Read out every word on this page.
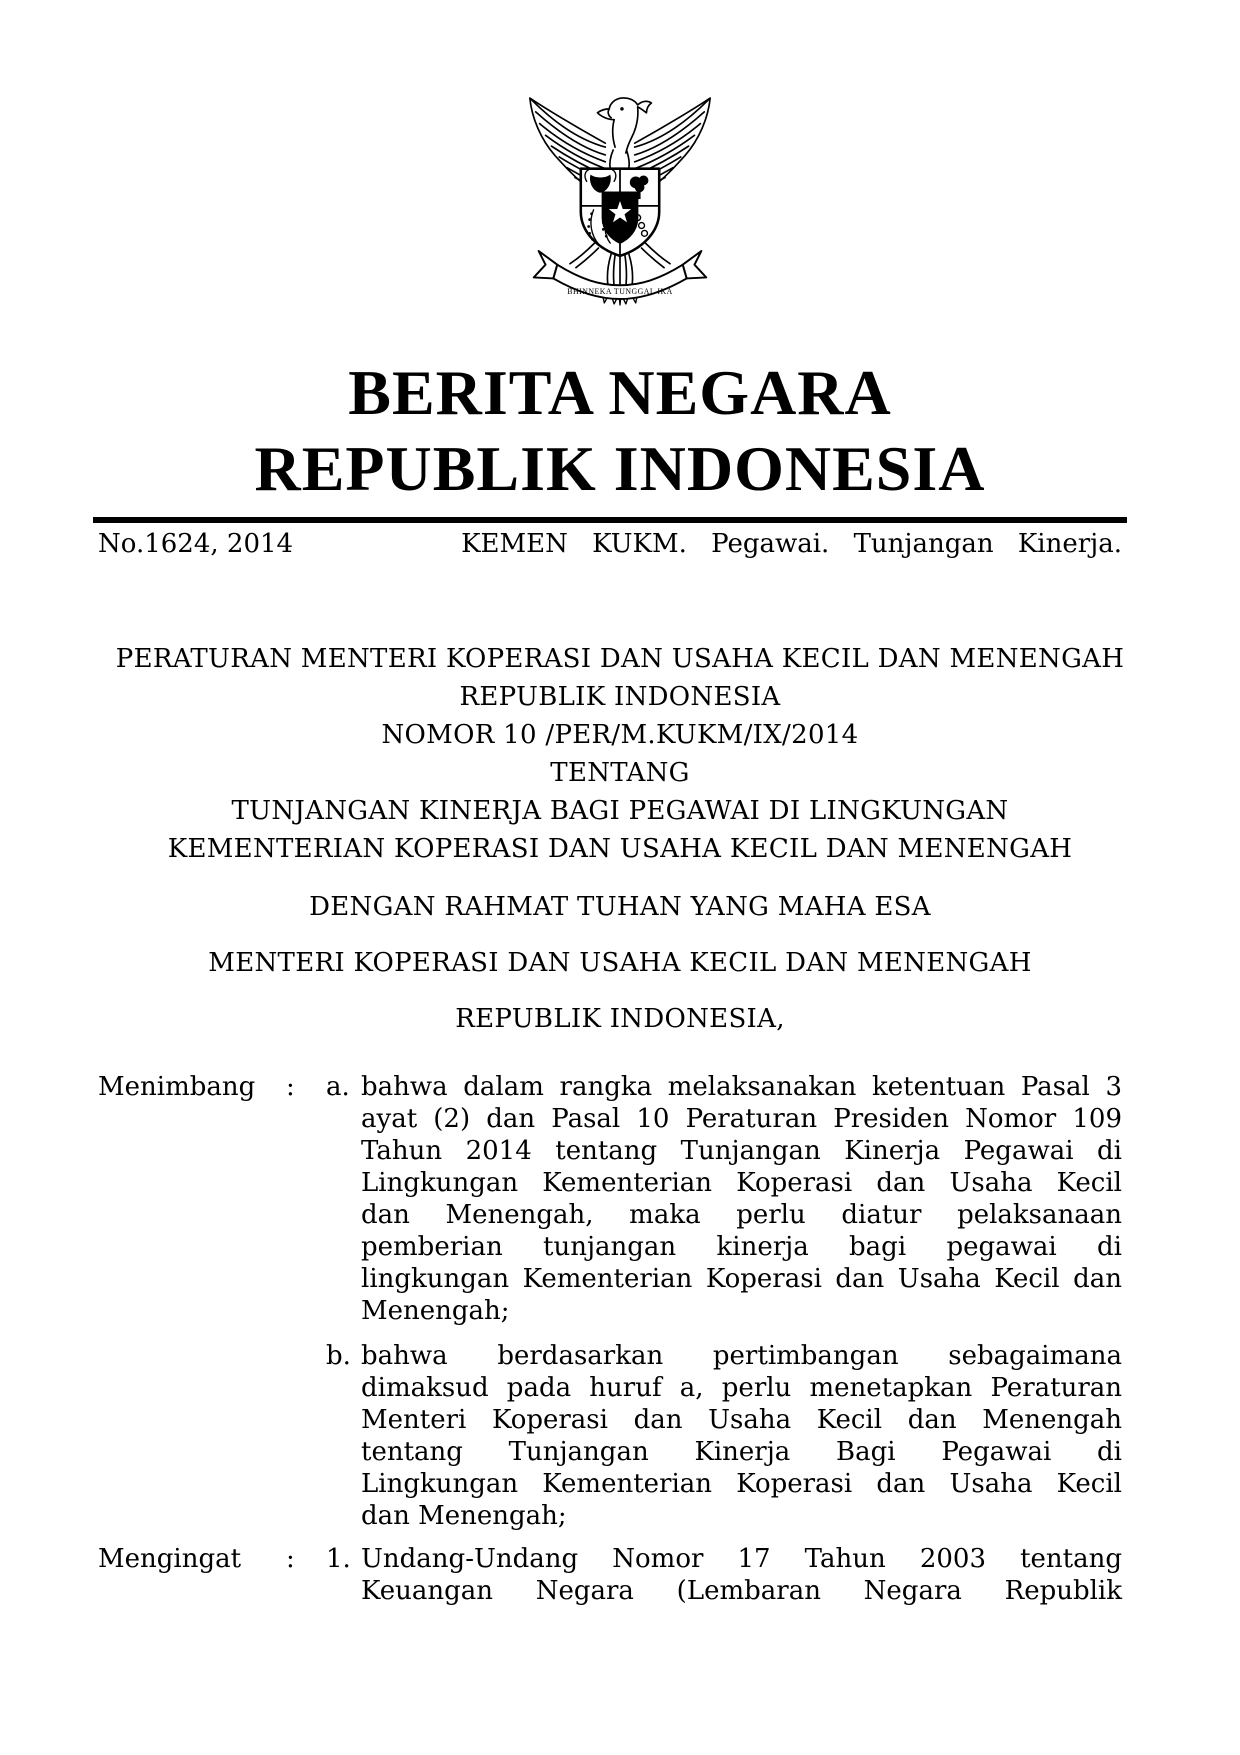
BHINNEKA TUNGGAL IKA
BERITA NEGARA
REPUBLIK INDONESIA
No.1624, 2014	KEMEN KUKM. Pegawai. Tunjangan Kinerja.
PERATURAN MENTERI KOPERASI DAN USAHA KECIL DAN MENENGAH
REPUBLIK INDONESIA
NOMOR 10 /PER/M.KUKM/IX/2014
TENTANG
TUNJANGAN KINERJA BAGI PEGAWAI DI LINGKUNGAN
KEMENTERIAN KOPERASI DAN USAHA KECIL DAN MENENGAH
DENGAN RAHMAT TUHAN YANG MAHA ESA
MENTERI KOPERASI DAN USAHA KECIL DAN MENENGAH
REPUBLIK INDONESIA,
Menimbang	:	a. bahwa dalam rangka melaksanakan ketentuan Pasal 3
ayat (2) dan Pasal 10 Peraturan Presiden Nomor 109
Tahun 2014 tentang Tunjangan Kinerja Pegawai di
Lingkungan Kementerian Koperasi dan Usaha Kecil
dan Menengah, maka perlu diatur pelaksanaan
pemberian tunjangan kinerja bagi pegawai di
lingkungan Kementerian Koperasi dan Usaha Kecil dan
Menengah;
b. bahwa berdasarkan pertimbangan sebagaimana
dimaksud pada huruf a, perlu menetapkan Peraturan
Menteri Koperasi dan Usaha Kecil dan Menengah
tentang Tunjangan Kinerja Bagi Pegawai di
Lingkungan Kementerian Koperasi dan Usaha Kecil
dan Menengah;
Mengingat	:	1. Undang-Undang Nomor 17 Tahun 2003 tentang
Keuangan Negara (Lembaran Negara Republik
